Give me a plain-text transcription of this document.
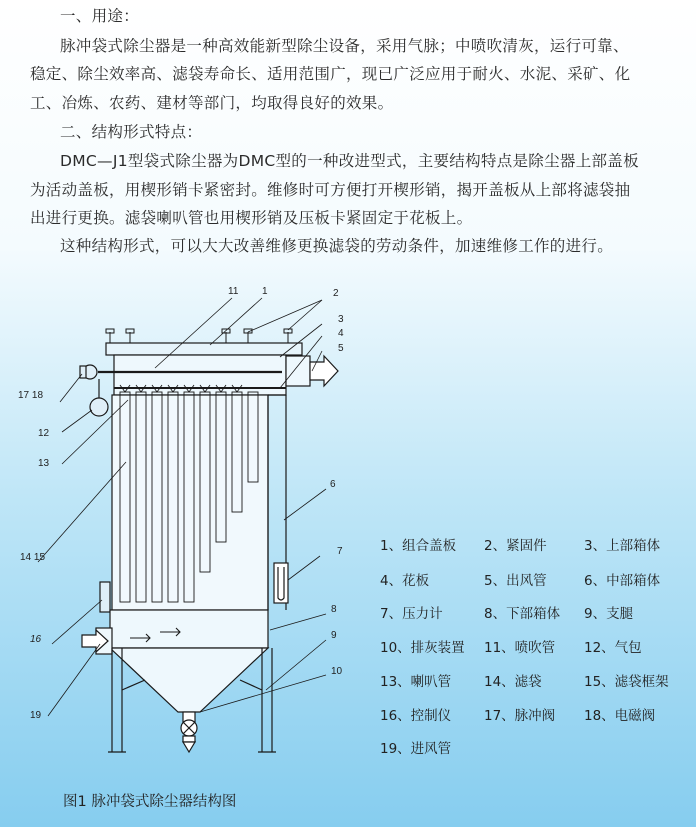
一、用途：
脉冲袋式除尘器是一种高效能新型除尘设备，采用气脉；中喷吹清灰，运行可靠、
稳定、除尘效率高、滤袋寿命长、适用范围广，现已广泛应用于耐火、水泥、采矿、化
工、冶炼、农药、建材等部门，均取得良好的效果。
二、结构形式特点：
DMC—J1型袋式除尘器为DMC型的一种改进型式，主要结构特点是除尘器上部盖板
为活动盖板，用楔形销卡紧密封。维修时可方便打开楔形销，揭开盖板从上部将滤袋抽
出进行更换。滤袋喇叭管也用楔形销及压板卡紧固定于花板上。
这种结构形式，可以大大改善维修更换滤袋的劳动条件，加速维修工作的进行。
11 1	2
3
4
5
6
7
8
9
10
17 18
12
13
14 15
16
19
1、组合盖板 2、紧固件	3、上部箱体
4、花板	5、出风管	6、中部箱体
7、压力计	8、下部箱体 9、支腿
10、排灰装置 11、喷吹管 12、气包
13、喇叭管 14、滤袋	15、滤袋框架
16、控制仪 17、脉冲阀 18、电磁阀
19、进风管
图1 脉冲袋式除尘器结构图
